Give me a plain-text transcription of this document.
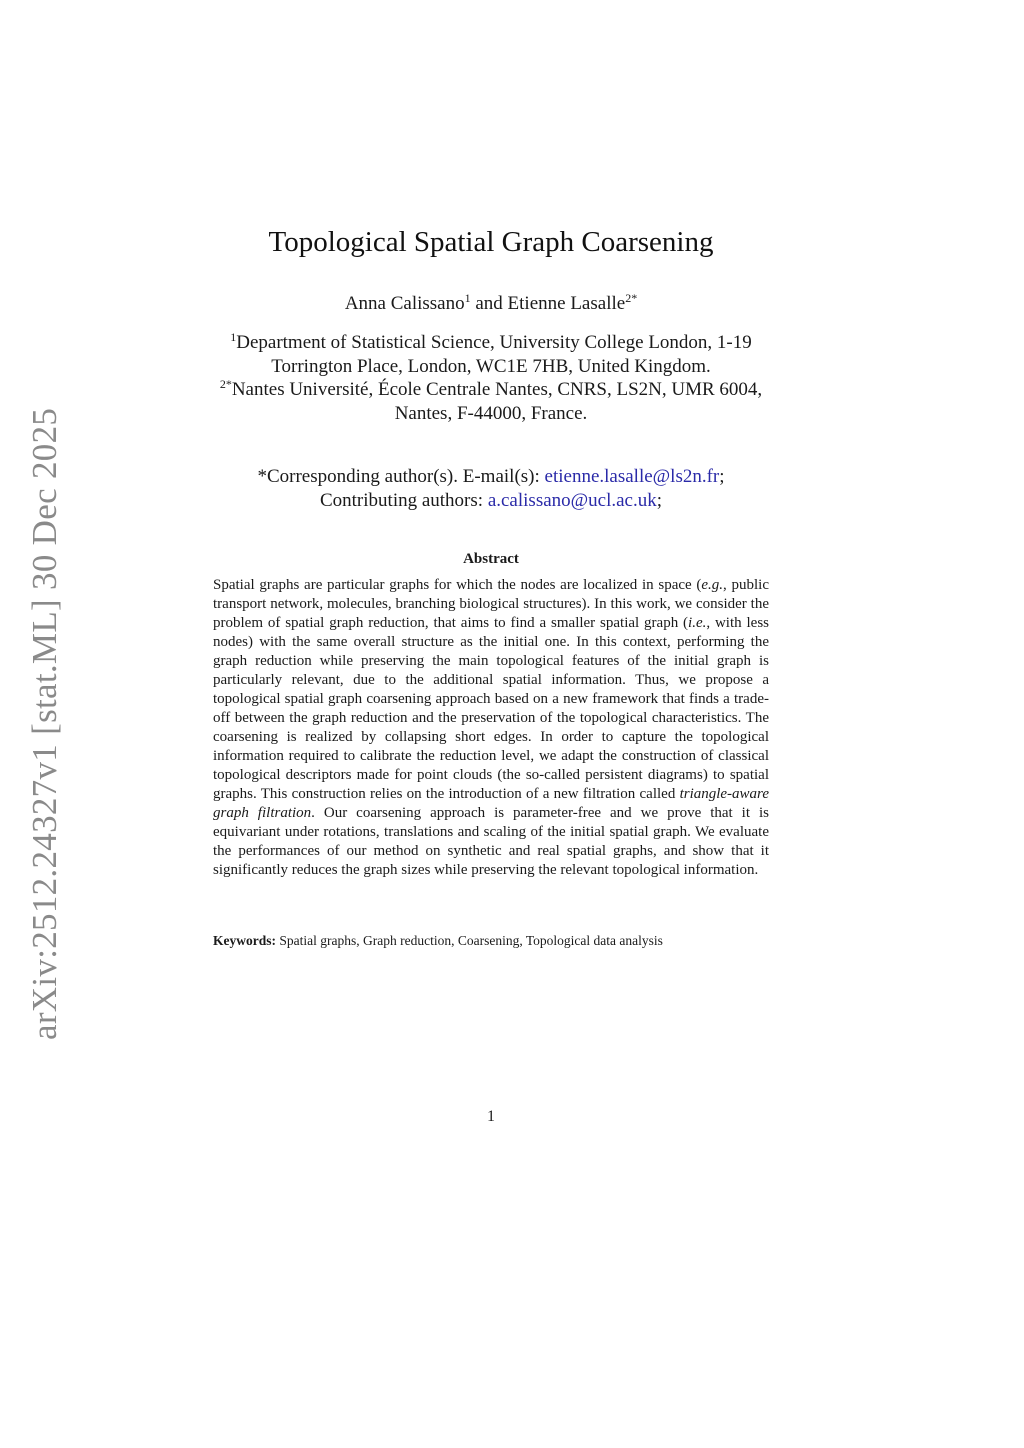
arXiv:2512.24327v1 [stat.ML] 30 Dec 2025
Topological Spatial Graph Coarsening
Anna Calissano$^1$ and Etienne Lasalle$^{2*}$
$^1$Department of Statistical Science, University College London, 1-19
Torrington Place, London, WC1E 7HB, United Kingdom.
$^{2*}$Nantes Université, École Centrale Nantes, CNRS, LS2N, UMR 6004,
Nantes, F-44000, France.
*Corresponding author(s). E-mail(s): etienne.lasalle@ls2n.fr;
Contributing authors: a.calissano@ucl.ac.uk;
Abstract
Spatial graphs are particular graphs for which the nodes are localized in space (e.g., public transport network, molecules, branching biological structures). In this work, we consider the problem of spatial graph reduction, that aims to find a smaller spatial graph (i.e., with less nodes) with the same overall structure as the initial one. In this context, performing the graph reduction while preserving the main topological features of the initial graph is particularly relevant, due to the additional spatial information. Thus, we propose a topological spatial graph coarsening approach based on a new framework that finds a trade-off between the graph reduction and the preservation of the topological characteristics. The coarsening is realized by collapsing short edges. In order to capture the topological information required to calibrate the reduction level, we adapt the construction of classical topological descriptors made for point clouds (the so-called persistent diagrams) to spatial graphs. This construction relies on the introduction of a new filtration called triangle-aware graph filtration. Our coarsening approach is parameter-free and we prove that it is equivariant under rotations, translations and scaling of the initial spatial graph. We evaluate the performances of our method on synthetic and real spatial graphs, and show that it significantly reduces the graph sizes while preserving the relevant topological information.
Keywords: Spatial graphs, Graph reduction, Coarsening, Topological data analysis
1
